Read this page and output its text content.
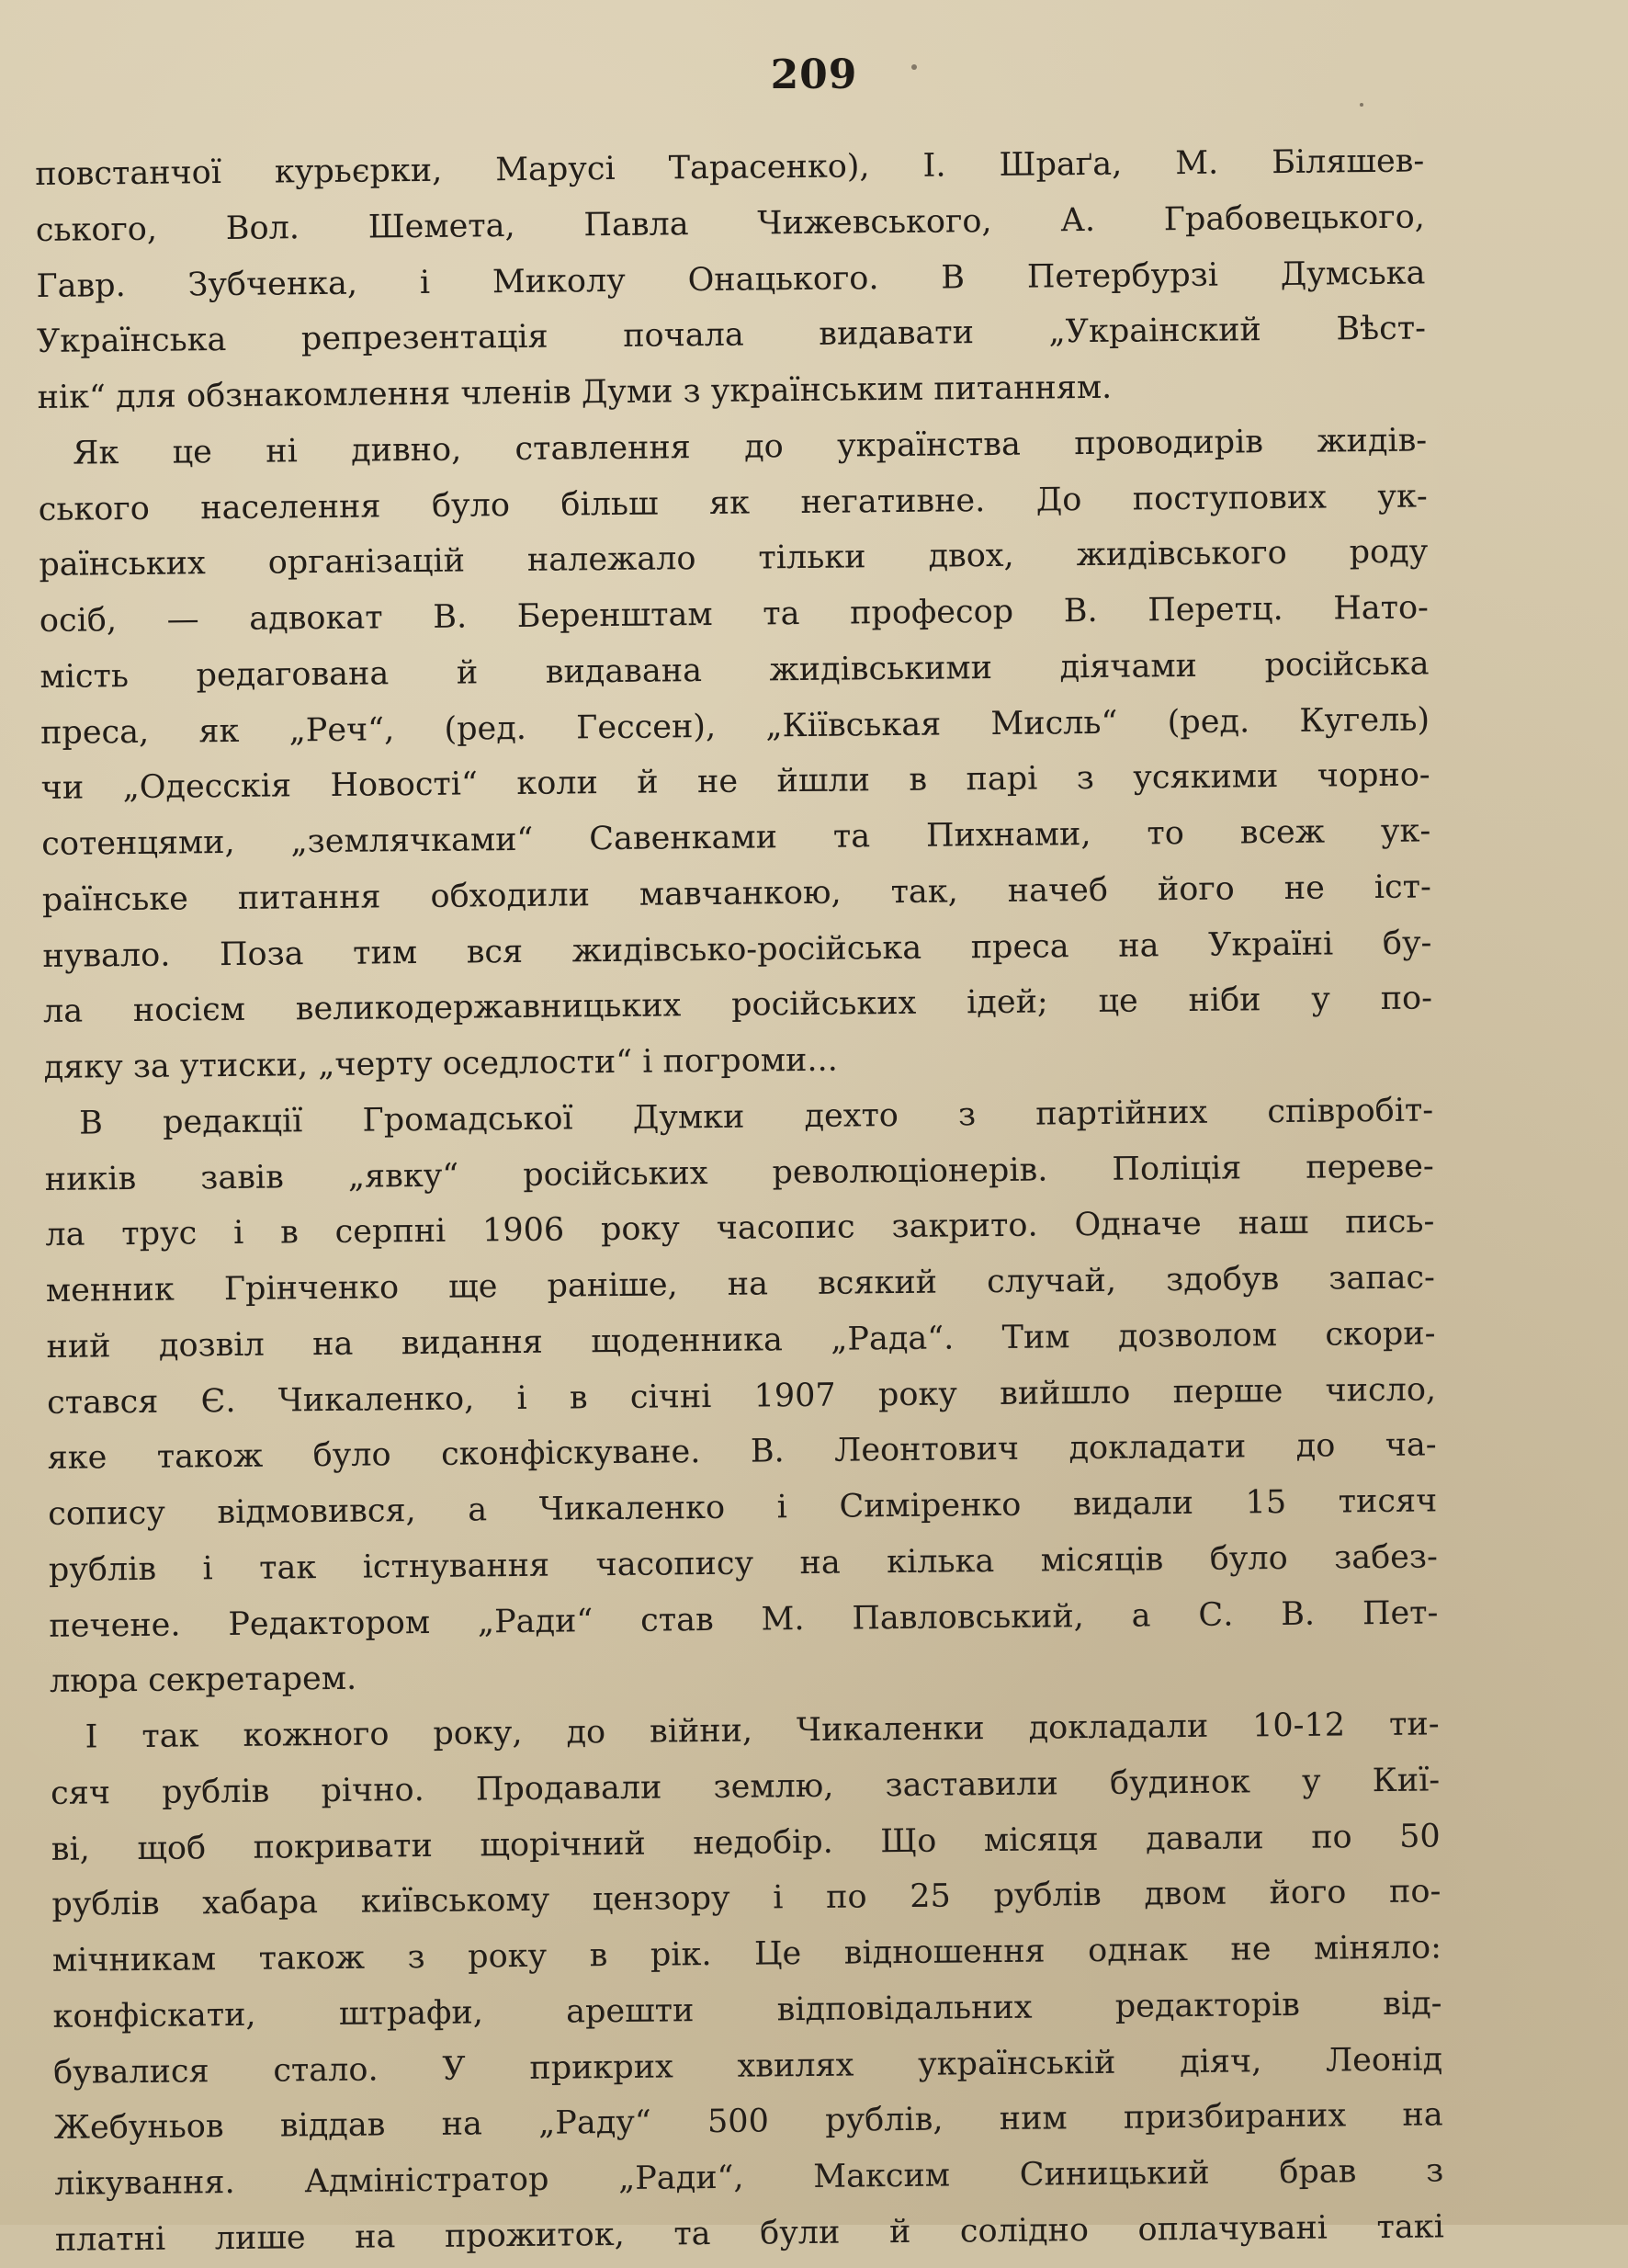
209
повстанчої курьєрки, Марусі Тарасенко), І. Шраґа, М. Біляшев-
ського, Вол. Шемета, Павла Чижевського, А. Грабовецького,
Гавр. Зубченка, і Миколу Онацького. В Петербурзі Думська
Українська репрезентація почала видавати „Украінский Вѣст-
нік“ для обзнакомлення членів Думи з українським питанням.
Як це ні дивно, ставлення до українства проводирів жидів-
ського населення було більш як негативне. До поступових ук-
раїнських організацій належало тільки двох, жидівського роду
осіб, — адвокат В. Беренштам та професор В. Перетц. Нато-
мість редагована й видавана жидівськими діячами російська
преса, як „Реч“, (ред. Гессен), „Кіївськая Мисль“ (ред. Кугель)
чи „Одесскія Новості“ коли й не йшли в парі з усякими чорно-
сотенцями, „землячками“ Савенками та Пихнами, то всеж ук-
раїнське питання обходили мавчанкою, так, начеб його не іст-
нувало. Поза тим вся жидівсько-російська преса на Україні бу-
ла носієм великодержавницьких російських ідей; це ніби у по-
дяку за утиски, „черту оседлости“ і погроми...
В редакції Громадської Думки дехто з партійних співробіт-
ників завів „явку“ російських революціонерів. Поліція переве-
ла трус і в серпні 1906 року часопис закрито. Одначе наш пись-
менник Грінченко ще раніше, на всякий случай, здобув запас-
ний дозвіл на видання щоденника „Рада“. Тим дозволом скори-
стався Є. Чикаленко, і в січні 1907 року вийшло перше число,
яке також було сконфіскуване. В. Леонтович докладати до ча-
сопису відмовився, а Чикаленко і Симіренко видали 15 тисяч
рублів і так істнування часопису на кілька місяців було забез-
печене. Редактором „Ради“ став М. Павловський, а С. В. Пет-
люра секретарем.
І так кожного року, до війни, Чикаленки докладали 10-12 ти-
сяч рублів річно. Продавали землю, заставили будинок у Киї-
ві, щоб покривати щорічний недобір. Що місяця давали по 50
рублів хабара київському цензору і по 25 рублів двом його по-
мічникам також з року в рік. Це відношення однак не міняло:
конфіскати, штрафи, арешти відповідальних редакторів від-
бувалися стало. У прикрих хвилях українській діяч, Леонід
Жебуньов віддав на „Раду“ 500 рублів, ним призбираних на
лікування. Адміністратор „Ради“, Максим Синицький брав з
платні лише на прожиток, та були й солідно оплачувані такі
